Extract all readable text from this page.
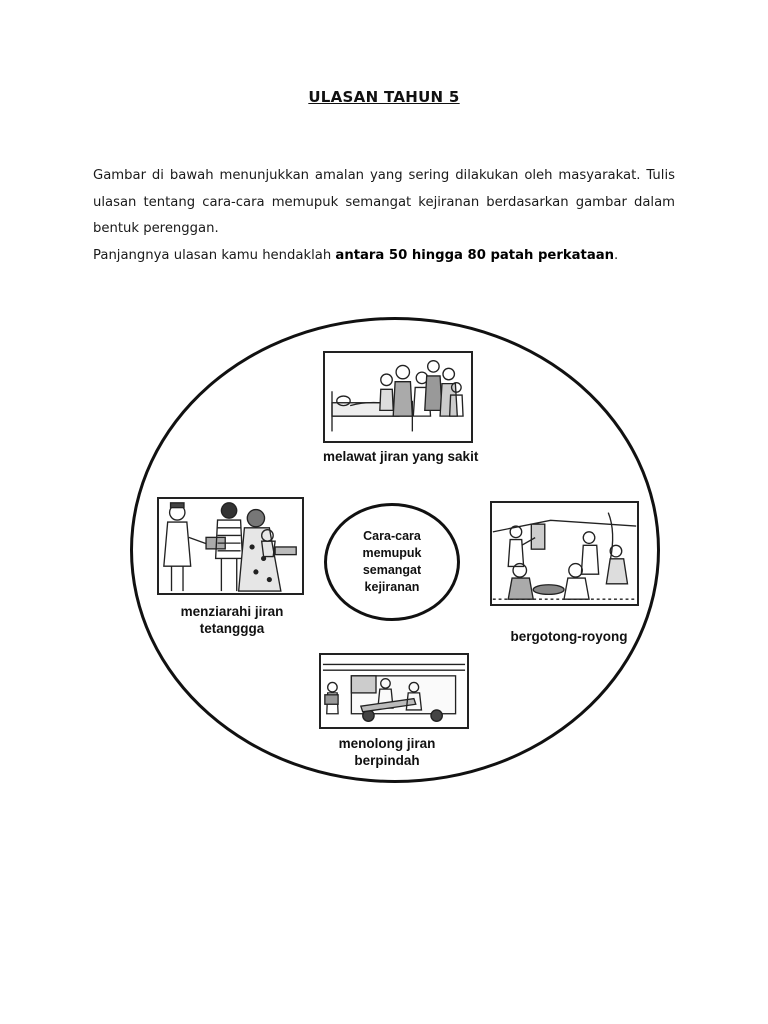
ULASAN TAHUN 5

Gambar di bawah menunjukkan amalan yang sering dilakukan oleh masyarakat. Tulis ulasan tentang cara-cara memupuk semangat kejiranan berdasarkan gambar dalam bentuk perenggan.

Panjangnya ulasan kamu hendaklah antara 50 hingga 80 patah perkataan.

Cara-cara
memupuk
semangat
kejiranan
melawat jiran yang sakit
menziarahi jiran
tetanggga
bergotong-royong
menolong jiran
berpindah
